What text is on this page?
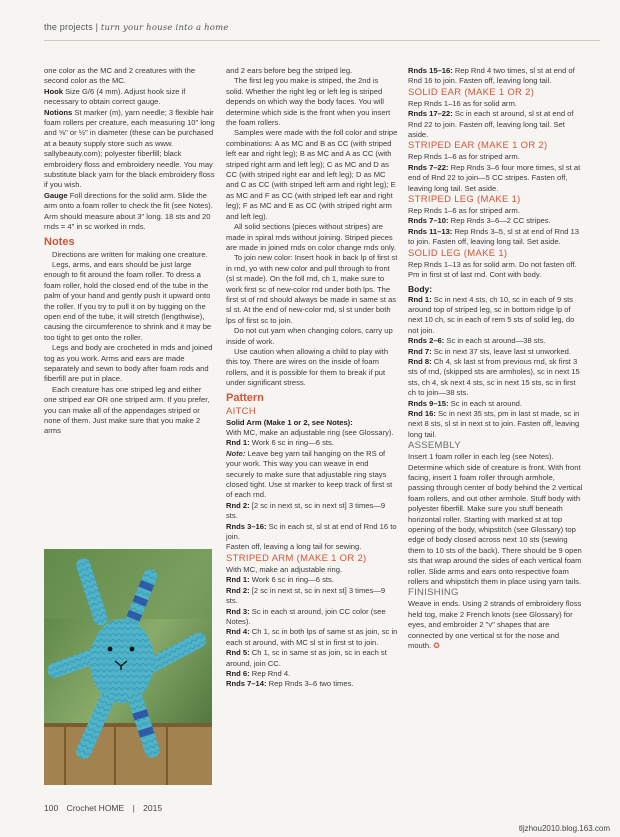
the projects | turn your house into a home

one color as the MC and 2 creatures with the second color as the MC.

Hook Size G/6 (4 mm). Adjust hook size if necessary to obtain correct gauge.

Notions St marker (m), yarn needle; 3 flexible hair foam rollers per creature, each measuring 10" long and ⅝" or ½" in diameter (these can be purchased at a beauty supply store such as www. sallybeauty.com); polyester fiberfill; black embroidery floss and embroidery needle. You may substitute black yarn for the black embroidery floss if you wish.

Gauge Foll directions for the solid arm. Slide the arm onto a foam roller to check the fit (see Notes). Arm should measure about 3" long. 18 sts and 20 rnds = 4" in sc worked in rnds.

Notes

Directions are written for making one creature.

Legs, arms, and ears should be just large enough to fit around the foam roller. To dress a foam roller, hold the closed end of the tube in the palm of your hand and gently push it upward onto the roller. If you try to pull it on by tugging on the open end of the tube, it will stretch (lengthwise), causing the circumference to shrink and it may be too tight to get onto the roller.

Legs and body are crocheted in rnds and joined tog as you work. Arms and ears are made separately and sewn to body after foam rods and fiberfill are put in place.

Each creature has one striped leg and either one striped ear OR one striped arm. If you prefer, you can make all of the appendages striped or none of them. Just make sure that you make 2 arms

and 2 ears before beg the striped leg.

The first leg you make is striped, the 2nd is solid. Whether the right leg or left leg is striped depends on which way the body faces. You will determine which side is the front when you insert the foam rollers.

Samples were made with the foll color and stripe combinations: A as MC and B as CC (with striped left ear and right leg); B as MC and A as CC (with striped right arm and left leg); C as MC and D as CC (with striped right ear and left leg); D as MC and C as CC (with striped left arm and right leg); E as MC and F as CC (with striped left ear and right leg); F as MC and E as CC (with striped right arm and left leg).

All solid sections (pieces without stripes) are made in spiral rnds without joining. Striped pieces are made in joined rnds on color change rnds only.

To join new color: Insert hook in back lp of first st in rnd, yo with new color and pull through to front (sl st made). On the foll rnd, ch 1, make sure to work first sc of new-color rnd under both lps. The first st of rnd should always be made in same st as sl st. At the end of new-color rnd, sl st under both lps of first sc to join.

Do not cut yarn when changing colors, carry up inside of work.

Use caution when allowing a child to play with this toy. There are wires on the inside of foam rollers, and it is possible for them to break if put under significant stress.

Pattern
AITCH

Solid Arm (Make 1 or 2, see Notes):

With MC, make an adjustable ring (see Glossary).

Rnd 1: Work 6 sc in ring—6 sts.

Note: Leave beg yarn tail hanging on the RS of your work. This way you can weave in end securely to make sure that adjustable ring stays closed tight. Use st marker to keep track of first st of each rnd.

Rnd 2: [2 sc in next st, sc in next st] 3 times—9 sts.

Rnds 3–16: Sc in each st, sl st at end of Rnd 16 to join.

Fasten off, leaving a long tail for sewing.

STRIPED ARM (MAKE 1 OR 2)

With MC, make an adjustable ring.

Rnd 1: Work 6 sc in ring—6 sts.

Rnd 2: [2 sc in next st, sc in next st] 3 times—9 sts.

Rnd 3: Sc in each st around, join CC color (see Notes).

Rnd 4: Ch 1, sc in both lps of same st as join, sc in each st around, with MC sl st in first st to join.

Rnd 5: Ch 1, sc in same st as join, sc in each st around, join CC.

Rnd 6: Rep Rnd 4.

Rnds 7–14: Rep Rnds 3–6 two times.

Rnds 15–16: Rep Rnd 4 two times, sl st at end of Rnd 16 to join. Fasten off, leaving long tail.

SOLID EAR (MAKE 1 OR 2)

Rep Rnds 1–16 as for solid arm.

Rnds 17–22: Sc in each st around, sl st at end of Rnd 22 to join. Fasten off, leaving long tail. Set aside.

STRIPED EAR (MAKE 1 OR 2)

Rep Rnds 1–6 as for striped arm.

Rnds 7–22: Rep Rnds 3–6 four more times, sl st at end of Rnd 22 to join—5 CC stripes. Fasten off, leaving long tail. Set aside.

STRIPED LEG (MAKE 1)

Rep Rnds 1–6 as for striped arm.

Rnds 7–10: Rep Rnds 3–6—2 CC stripes.

Rnds 11–13: Rep Rnds 3–5, sl st at end of Rnd 13 to join. Fasten off, leaving long tail. Set aside.

SOLID LEG (MAKE 1)

Rep Rnds 1–13 as for solid arm. Do not fasten off. Pm in first st of last rnd. Cont with body.

Body:

Rnd 1: Sc in next 4 sts, ch 10, sc in each of 9 sts around top of striped leg, sc in bottom ridge lp of next 10 ch, sc in each of rem 5 sts of solid leg, do not join.

Rnds 2–6: Sc in each st around—38 sts.

Rnd 7: Sc in next 37 sts, leave last st unworked.

Rnd 8: Ch 4, sk last st from previous rnd, sk first 3 sts of rnd, (skipped sts are armholes), sc in next 15 sts, ch 4, sk next 4 sts, sc in next 15 sts, sc in first ch to join—38 sts.

Rnds 9–15: Sc in each st around.

Rnd 16: Sc in next 35 sts, pm in last st made, sc in next 8 sts, sl st in next st to join. Fasten off, leaving long tail.

ASSEMBLY

Insert 1 foam roller in each leg (see Notes). Determine which side of creature is front. With front facing, insert 1 foam roller through armhole, passing through center of body behind the 2 vertical foam rollers, and out other armhole. Stuff body with polyester fiberfill. Make sure you stuff beneath horizontal roller. Starting with marked st at top opening of the body, whipstitch (see Glossary) top edge of body closed across next 10 sts (sewing them to 10 sts of the back). There should be 9 open sts that wrap around the sides of each vertical foam roller. Slide arms and ears onto respective foam rollers and whipstitch them in place using yarn tails.

FINISHING

Weave in ends. Using 2 strands of embroidery floss held tog, make 2 French knots (see Glossary) for eyes, and embroider 2 "v" shapes that are connected by one vertical st for the nose and mouth. ✪

100 Crochet HOME | 2015
tljzhou2010.blog.163.com
